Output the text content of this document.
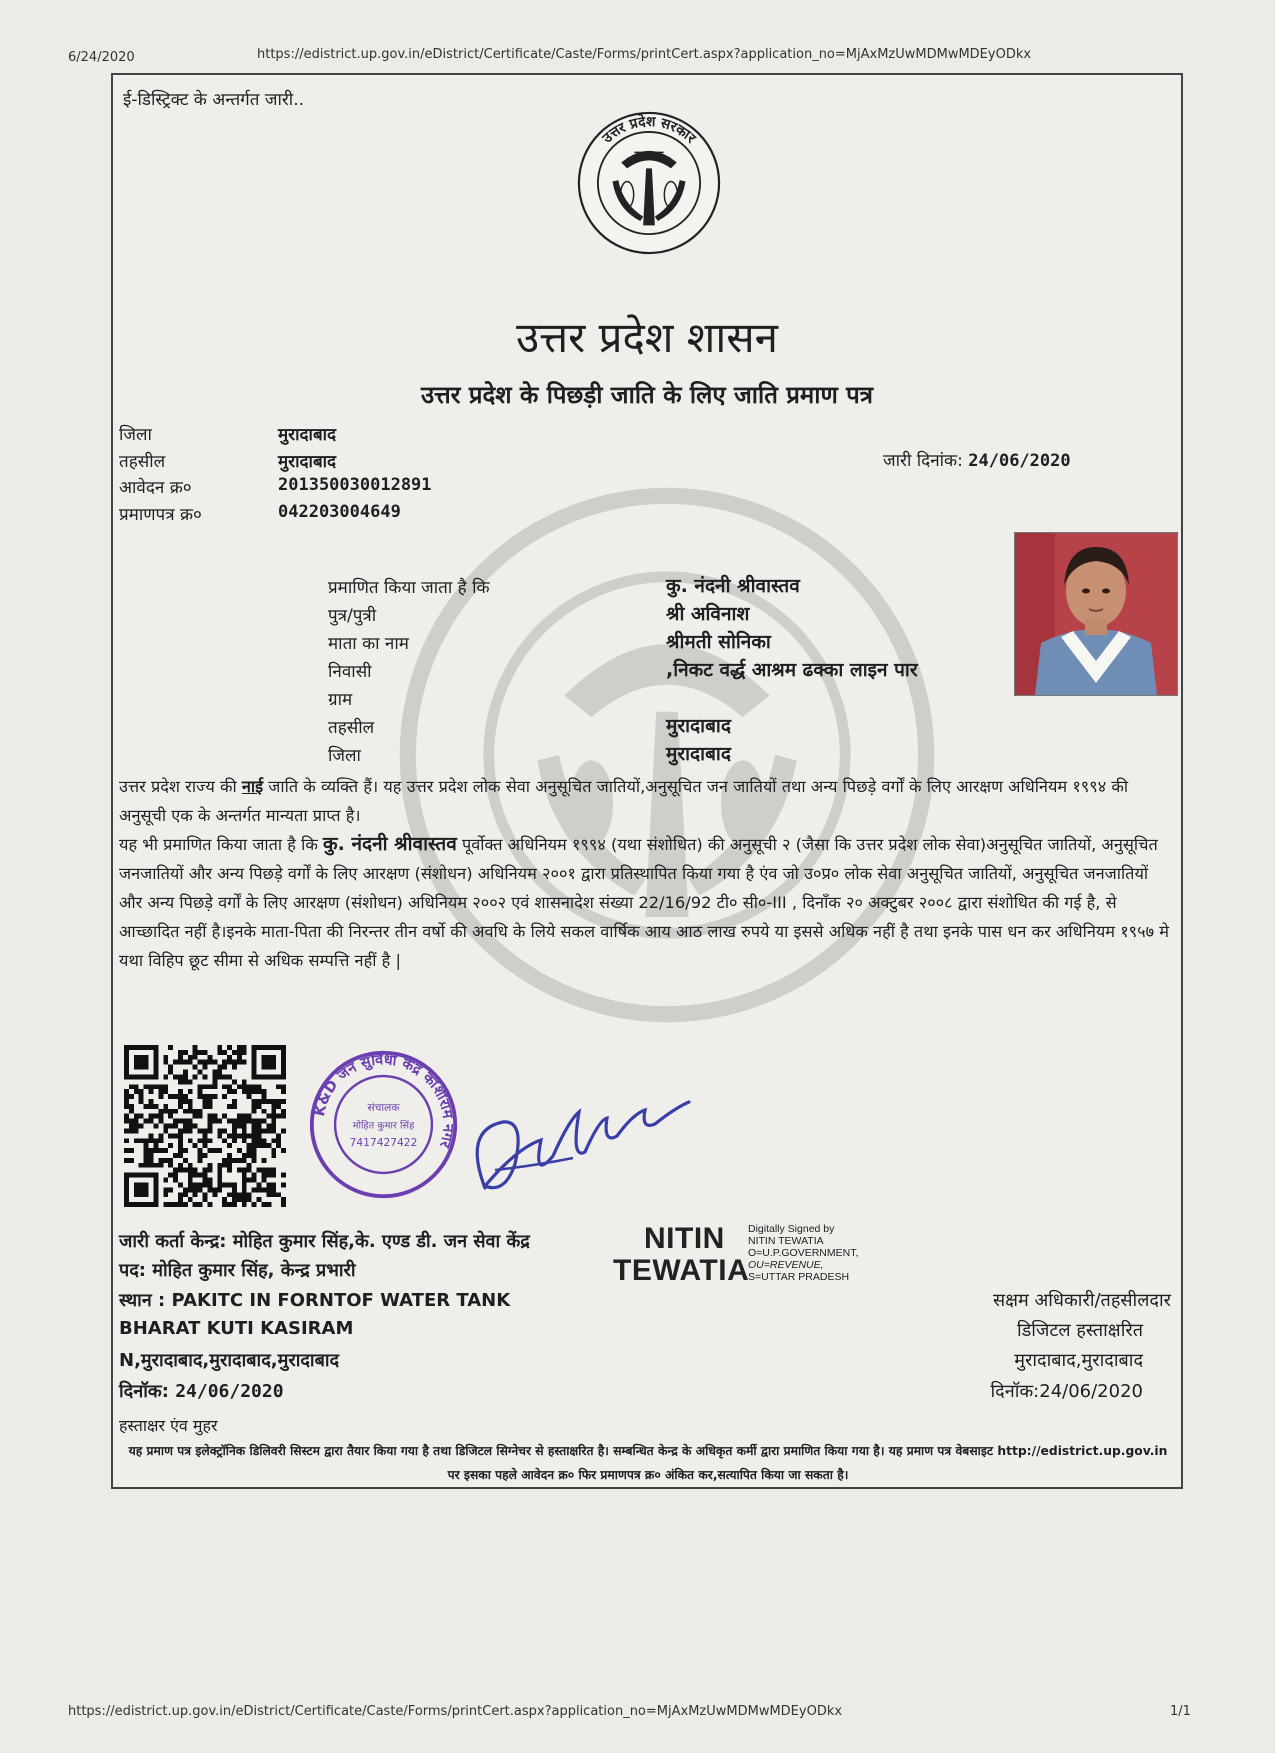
6/24/2020	https://edistrict.up.gov.in/eDistrict/Certificate/Caste/Forms/printCert.aspx?application_no=MjAxMzUwMDMwMDEyODkx
ई-डिस्ट्रिक्ट के अन्तर्गत जारी..
उत्तर प्रदेश सरकार
उत्तर प्रदेश शासन
उत्तर प्रदेश के पिछड़ी जाति के लिए जाति प्रमाण पत्र
जिला	मुरादाबाद
तहसील	मुरादाबाद
आवेदन क्र०	201350030012891
प्रमाणपत्र क्र०	042203004649
जारी दिनांक: 24/06/2020
प्रमाणित किया जाता है कि	कु. नंदनी श्रीवास्तव
पुत्र/पुत्री	श्री अविनाश
माता का नाम	श्रीमती सोनिका
निवासी	,निकट वर्द्ध आश्रम ढक्का लाइन पार
ग्राम
तहसील	मुरादाबाद
जिला	मुरादाबाद
उत्तर प्रदेश राज्य की नाई जाति के व्यक्ति हैं। यह उत्तर प्रदेश लोक सेवा अनुसूचित जातियों,अनुसूचित जन जातियों तथा अन्य पिछड़े वर्गों के लिए आरक्षण अधिनियम १९९४ की अनुसूची एक के अन्तर्गत मान्यता प्राप्त है।
यह भी प्रमाणित किया जाता है कि कु. नंदनी श्रीवास्तव पूर्वोक्त अधिनियम १९९४ (यथा संशोधित) की अनुसूची २ (जैसा कि उत्तर प्रदेश लोक सेवा)अनुसूचित जातियों, अनुसूचित जनजातियों और अन्य पिछड़े वर्गों के लिए आरक्षण (संशोधन) अधिनियम २००१ द्वारा प्रतिस्थापित किया गया है एंव जो उ०प्र० लोक सेवा अनुसूचित जातियों, अनुसूचित जनजातियों और अन्य पिछड़े वर्गों के लिए आरक्षण (संशोधन) अधिनियम २००२ एवं शासनादेश संख्या 22/16/92 टी० सी०-III , दिनाँक २० अक्टुबर २००८ द्वारा संशोधित की गई है, से आच्छादित नहीं है।इनके माता-पिता की निरन्तर तीन वर्षो की अवधि के लिये सकल वार्षिक आय आठ लाख रुपये या इससे अधिक नहीं है तथा इनके पास धन कर अधिनियम १९५७ मे यथा विहिप छूट सीमा से अधिक सम्पत्ति नहीं है |
K&D जन सुविधा केंद्र काशीराम नगर
संचालक
मोहित कुमार सिंह
7417427422
जारी कर्ता केन्द्र: मोहित कुमार सिंह,के. एण्ड डी. जन सेवा केंद्र
पद: मोहित कुमार सिंह, केन्द्र प्रभारी
स्थान : PAKITC IN FORNTOF WATER TANK
BHARAT KUTI KASIRAM
N,मुरादाबाद,मुरादाबाद,मुरादाबाद
दिनॉक: 24/06/2020
हस्ताक्षर एंव मुहर
NITIN
TEWATIA
Digitally Signed by
NITIN TEWATIA
O=U.P.GOVERNMENT,
OU=REVENUE,
S=UTTAR PRADESH
सक्षम अधिकारी/तहसीलदार
डिजिटल हस्ताक्षरित
मुरादाबाद,मुरादाबाद
दिनॉक:24/06/2020
यह प्रमाण पत्र इलेक्ट्रॉनिक डिलिवरी सिस्टम द्वारा तैयार किया गया है तथा डिजिटल सिग्नेचर से हस्ताक्षरित है। सम्बन्धित केन्द्र के अधिकृत कर्मी द्वारा प्रमाणित किया गया है। यह प्रमाण पत्र वेबसाइट http://edistrict.up.gov.in पर इसका पहले आवेदन क्र० फिर प्रमाणपत्र क्र० अंकित कर,सत्यापित किया जा सकता है।
https://edistrict.up.gov.in/eDistrict/Certificate/Caste/Forms/printCert.aspx?application_no=MjAxMzUwMDMwMDEyODkx	1/1
